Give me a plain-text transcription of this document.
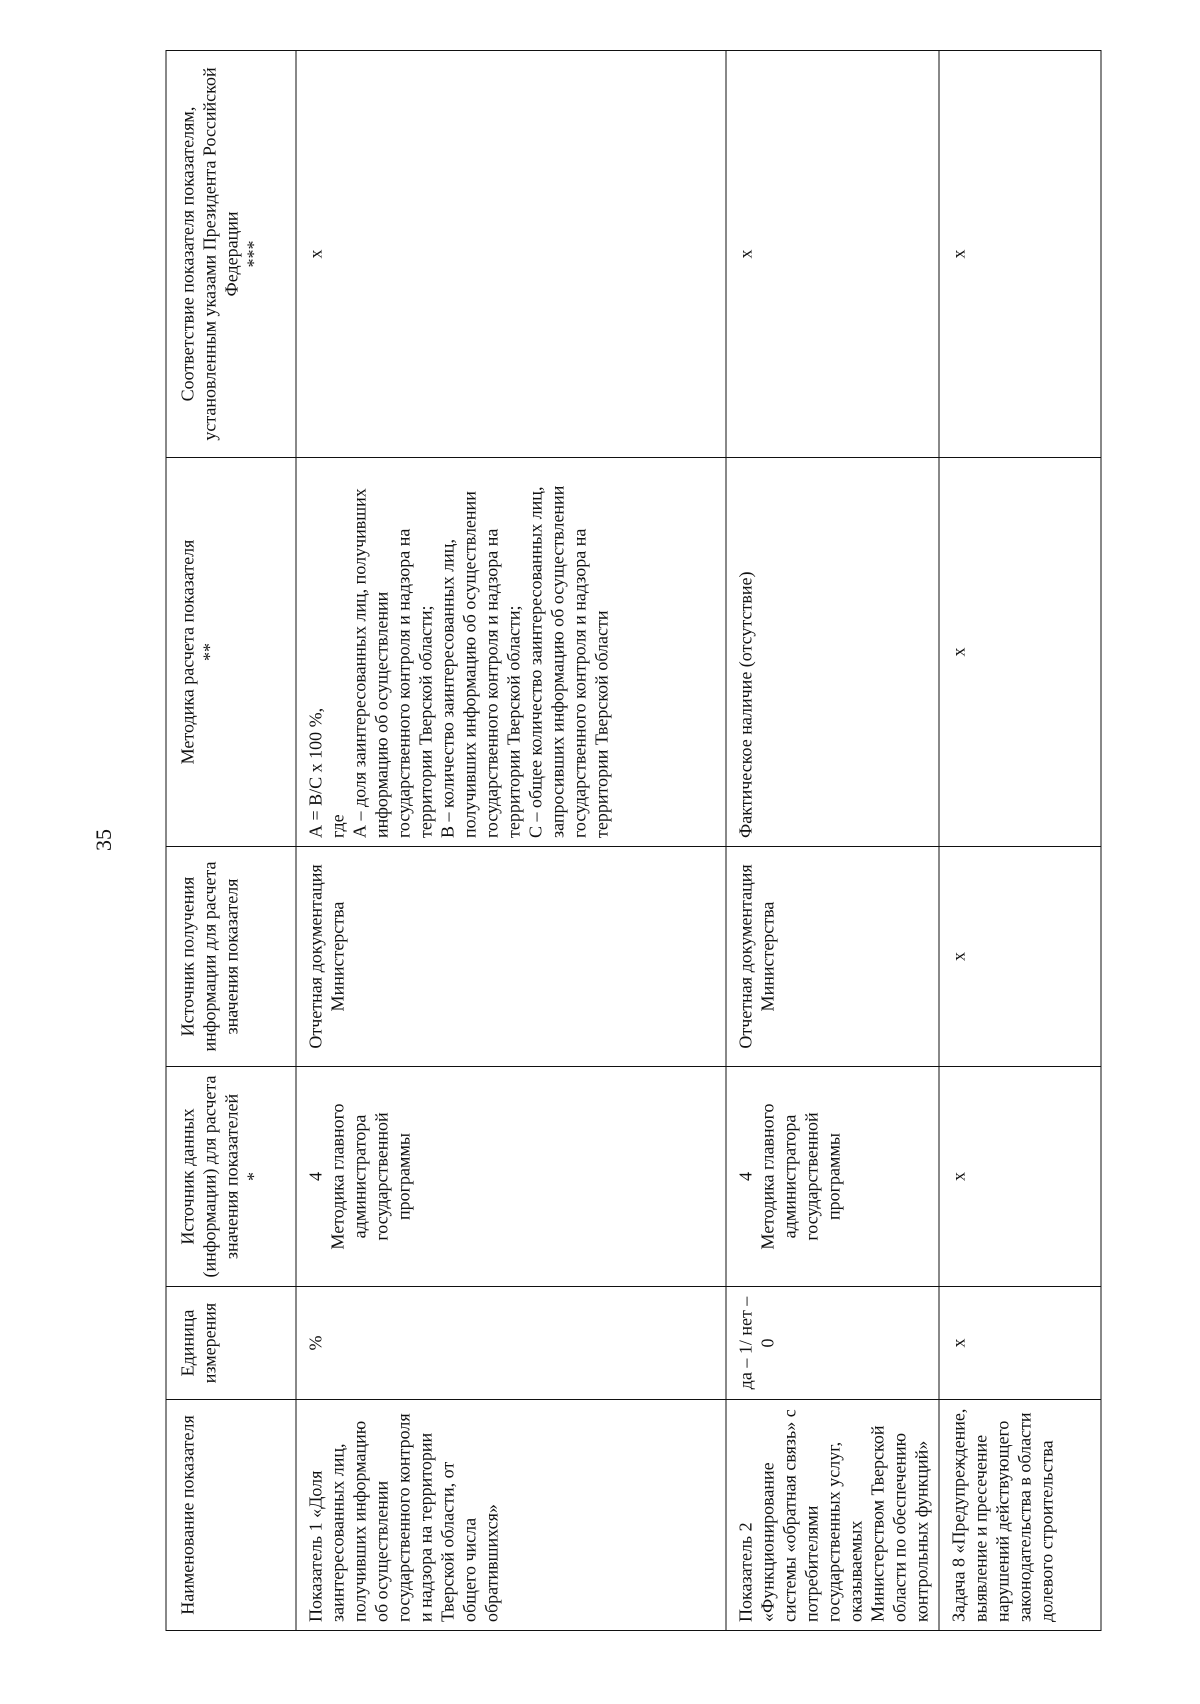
35
Наименование показателя	Единица измерения	Источник данных (информации) для расчета значения показателей *	Источник получения информации для расчета значения показателя	Методика расчета показателя **	Соответствие показателя показателям, установленным указами Президента Российской Федерации ***

Показатель 1 «Доля заинтересованных лиц, получивших информацию об осуществлении государственного контроля и надзора на территории Тверской области, от общего числа обратившихся»	%	4 Методика главного администратора государственной программы	Отчетная документация Министерства	А = В/С х 100 %, где А – доля заинтересованных лиц, получивших информацию об осуществлении государственного контроля и надзора на территории Тверской области; В – количество заинтересованных лиц, получивших информацию об осуществлении государственного контроля и надзора на территории Тверской области; С – общее количество заинтересованных лиц, запросивших информацию об осуществлении государственного контроля и надзора на территории Тверской области	х
Показатель 2 «Функционирование системы «обратная связь» с потребителями государственных услуг, оказываемых Министерством Тверской области по обеспечению контрольных функций»	да – 1/ нет – 0	4 Методика главного администратора государственной программы	Отчетная документация Министерства	Фактическое наличие (отсутствие)	х
Задача 8 «Предупреждение, выявление и пресечение нарушений действующего законодательства в области долевого строительства	х	х	х	х	х
